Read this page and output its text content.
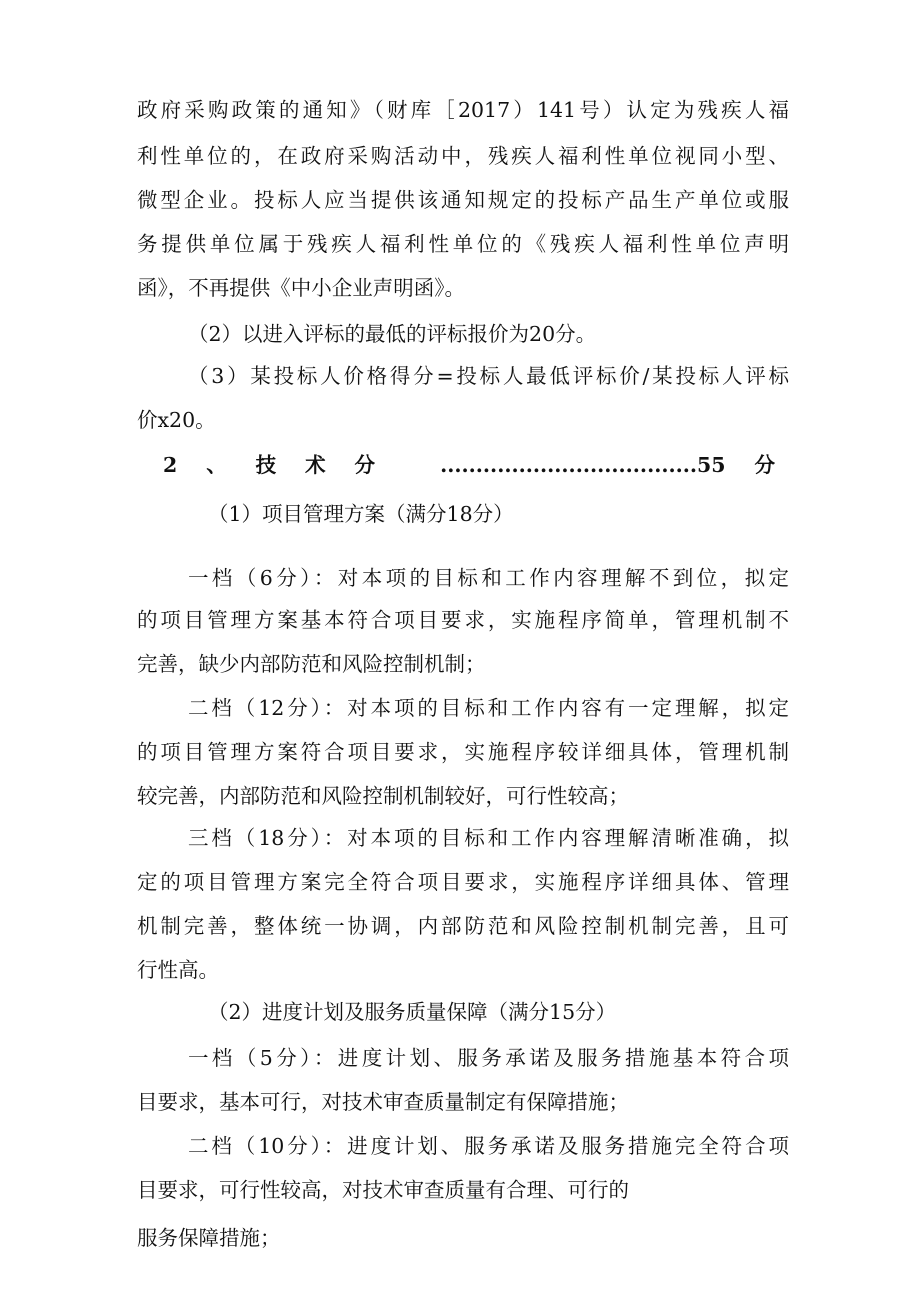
政府采购政策的通知》（财库［2017）141号）认定为残疾人福
利性单位的，在政府采购活动中，残疾人福利性单位视同小型、
微型企业。投标人应当提供该通知规定的投标产品生产单位或服
务提供单位属于残疾人福利性单位的《残疾人福利性单位声明
函》，不再提供《中小企业声明函》。
（2）以进入评标的最低的评标报价为20分。
（3）某投标人价格得分=投标人最低评标价/某投标人评标
价x20。
2、技术分 ....................................55分
（1）项目管理方案（满分18分）
一档（6分）：对本项的目标和工作内容理解不到位，拟定
的项目管理方案基本符合项目要求，实施程序简单，管理机制不
完善，缺少内部防范和风险控制机制；
二档（12分）：对本项的目标和工作内容有一定理解，拟定
的项目管理方案符合项目要求，实施程序较详细具体，管理机制
较完善，内部防范和风险控制机制较好，可行性较高；
三档（18分）：对本项的目标和工作内容理解清晰准确，拟
定的项目管理方案完全符合项目要求，实施程序详细具体、管理
机制完善，整体统一协调，内部防范和风险控制机制完善，且可
行性高。
（2）进度计划及服务质量保障（满分15分）
一档（5分）：进度计划、服务承诺及服务措施基本符合项
目要求，基本可行，对技术审查质量制定有保障措施；
二档（10分）：进度计划、服务承诺及服务措施完全符合项
目要求，可行性较高，对技术审查质量有合理、可行的
服务保障措施；
